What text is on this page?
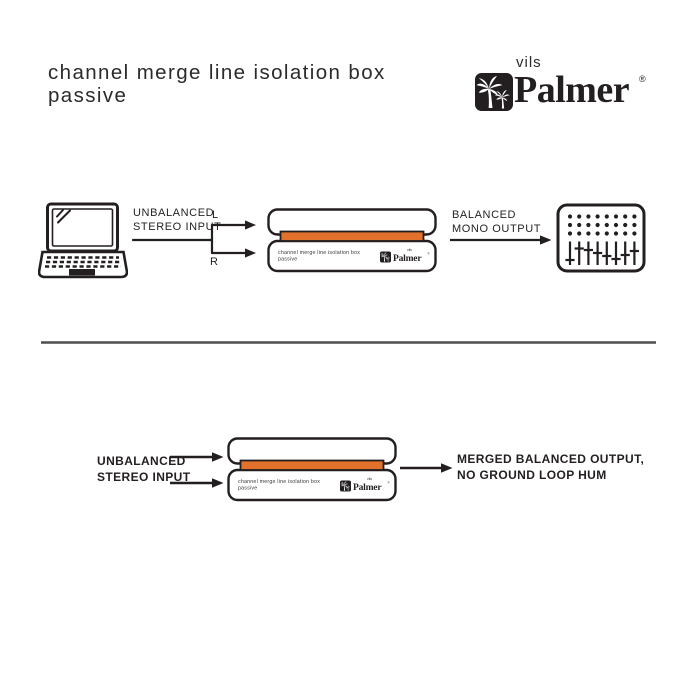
channel merge line isolation box
passive
vils
Palmer ®
UNBALANCED
STEREO INPUT
L
R
channel merge line isolation box
passive
vils
Palmer
®
BALANCED
MONO OUTPUT
UNBALANCED
STEREO INPUT	channel merge line isolation box
passive
vils
Palmer
®
MERGED BALANCED OUTPUT,
NO GROUND LOOP HUM
